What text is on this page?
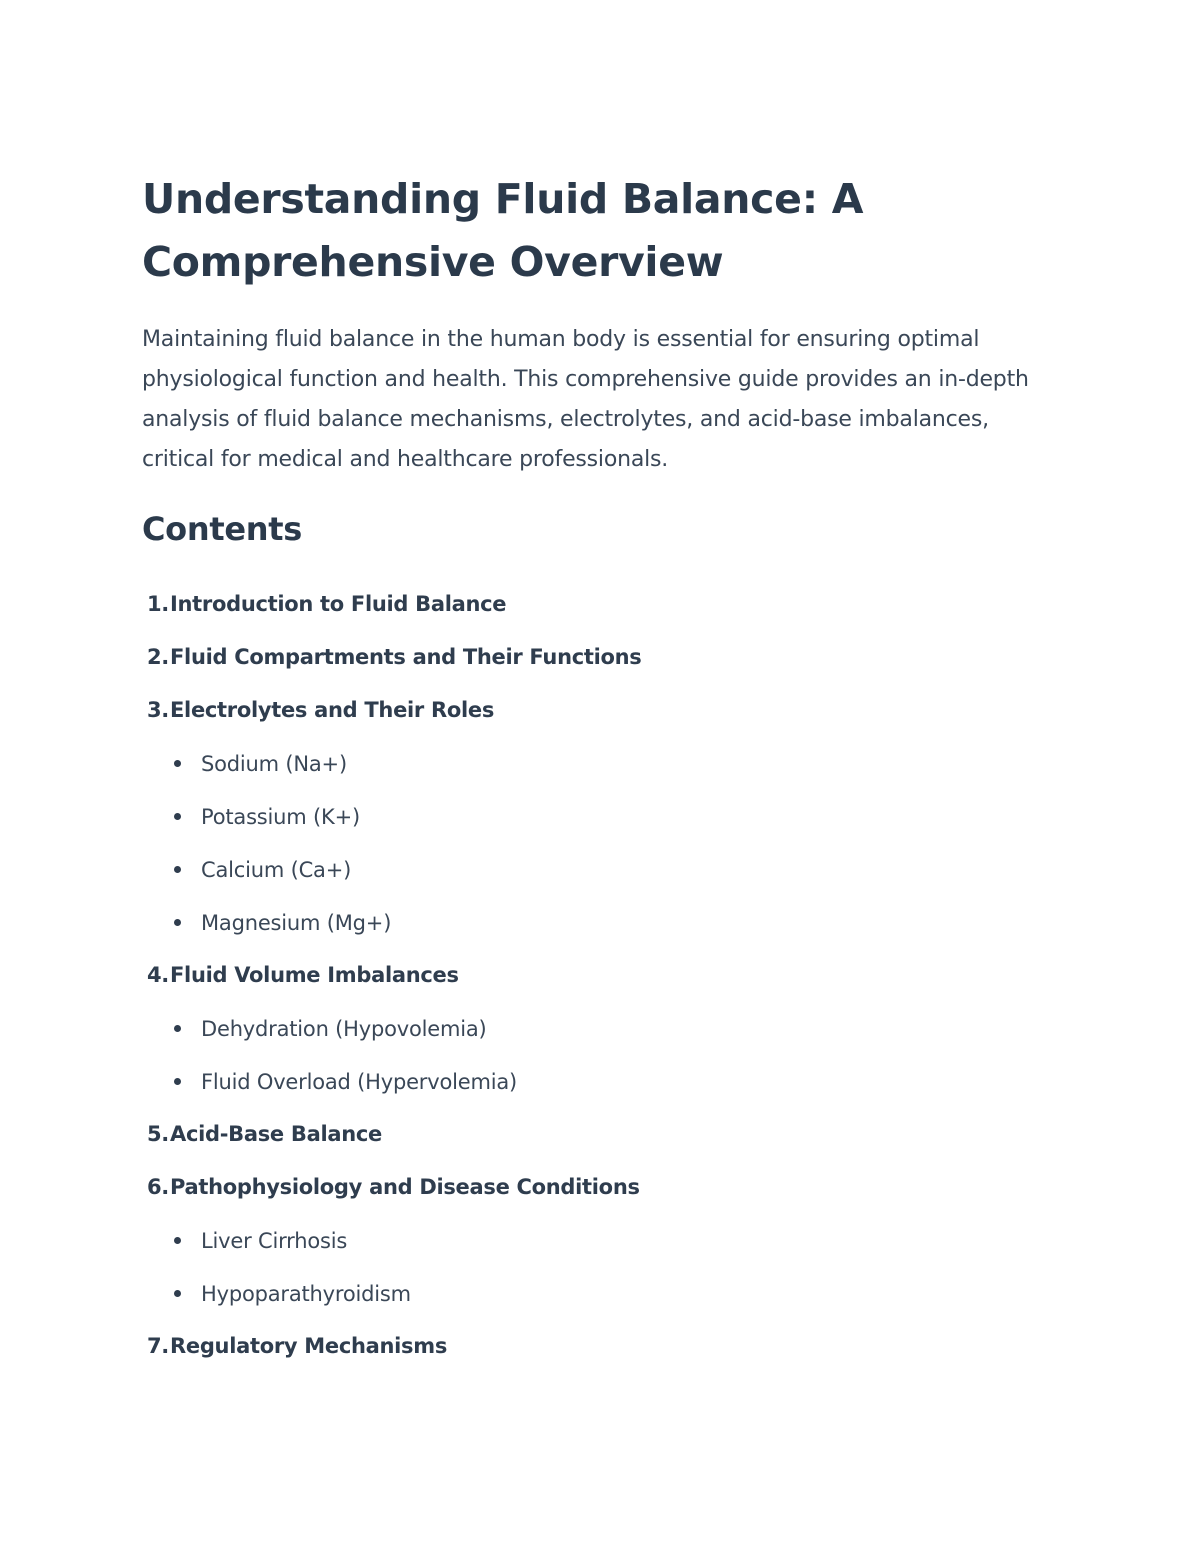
Understanding Fluid Balance: A
Comprehensive Overview

Maintaining fluid balance in the human body is essential for ensuring optimal physiological function and health. This comprehensive guide provides an in-depth analysis of fluid balance mechanisms, electrolytes, and acid-base imbalances, critical for medical and healthcare professionals.

Contents
1. Introduction to Fluid Balance
2. Fluid Compartments and Their Functions
3. Electrolytes and Their Roles
Sodium (Na+)
Potassium (K+)
Calcium (Ca+)
Magnesium (Mg+)
4. Fluid Volume Imbalances
Dehydration (Hypovolemia)
Fluid Overload (Hypervolemia)
5. Acid-Base Balance
6. Pathophysiology and Disease Conditions
Liver Cirrhosis
Hypoparathyroidism
7. Regulatory Mechanisms
